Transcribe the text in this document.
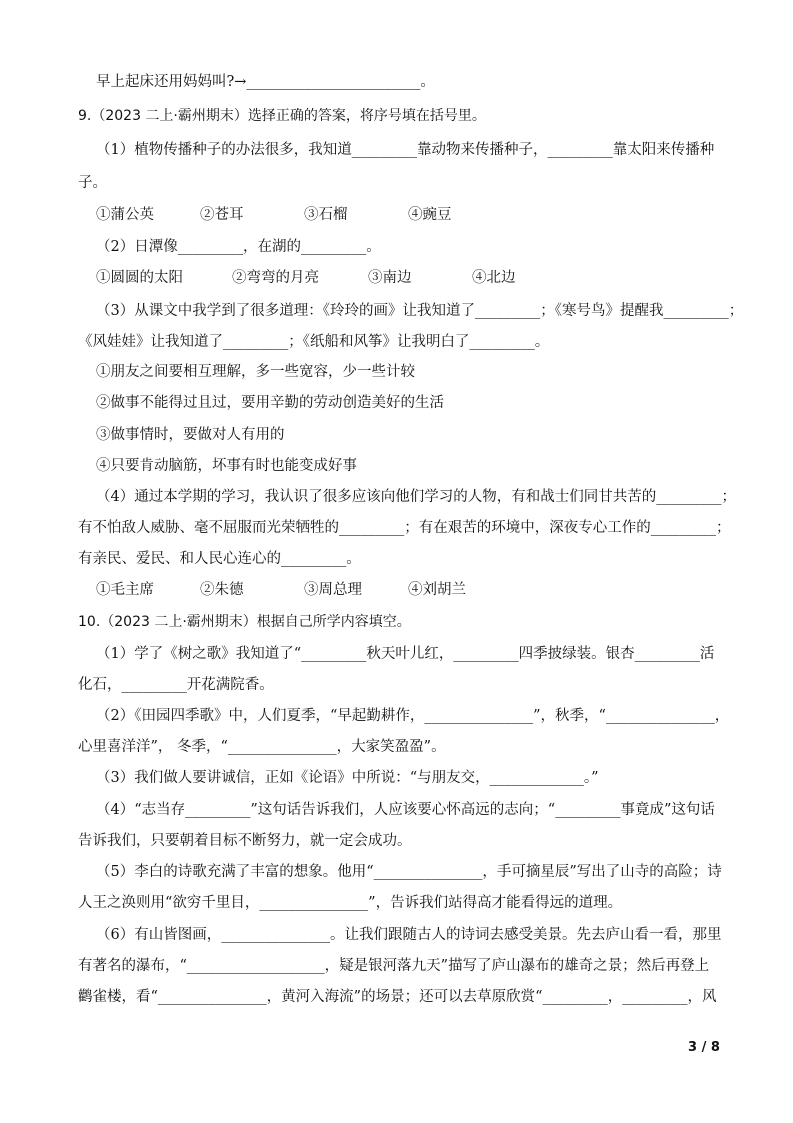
早上起床还用妈妈叫?→________________________。
9.（2023 二上·霸州期末）选择正确的答案，将序号填在括号里。
（1）植物传播种子的办法很多，我知道_________靠动物来传播种子，_________靠太阳来传播种
子。
①蒲公英	②苍耳	③石榴	④豌豆
（2）日潭像_________，在湖的_________。
①圆圆的太阳	②弯弯的月亮	③南边	④北边
（3）从课文中我学到了很多道理：《玲玲的画》让我知道了_________；《寒号鸟》提醒我_________；
《风娃娃》让我知道了_________；《纸船和风筝》让我明白了_________。
①朋友之间要相互理解，多一些宽容，少一些计较
②做事不能得过且过，要用辛勤的劳动创造美好的生活
③做事情时，要做对人有用的
④只要肯动脑筋，坏事有时也能变成好事
（4）通过本学期的学习，我认识了很多应该向他们学习的人物，有和战士们同甘共苦的_________；
有不怕敌人威胁、毫不屈服而光荣牺牲的_________；有在艰苦的环境中，深夜专心工作的_________；
有亲民、爱民、和人民心连心的_________。
①毛主席	②朱德	③周总理	④刘胡兰
10.（2023 二上·霸州期末）根据自己所学内容填空。
（1）学了《树之歌》我知道了“_________秋天叶儿红，_________四季披绿装。银杏_________活
化石，_________开花满院香。
（2）《田园四季歌》中，人们夏季，“早起勤耕作，_______________”，秋季，“_______________，
心里喜洋洋”， 冬季，“_______________，大家笑盈盈”。
（3）我们做人要讲诚信，正如《论语》中所说：“与朋友交，_____________。”
（4）“志当存_________”这句话告诉我们，人应该要心怀高远的志向；“_________事竟成”这句话
告诉我们，只要朝着目标不断努力，就一定会成功。
（5）李白的诗歌充满了丰富的想象。他用“_______________，手可摘星辰”写出了山寺的高险；诗
人王之涣则用“欲穷千里目，_______________”，告诉我们站得高才能看得远的道理。
（6）有山皆图画，_______________。让我们跟随古人的诗词去感受美景。先去庐山看一看，那里
有著名的瀑布，“___________________，疑是银河落九天”描写了庐山瀑布的雄奇之景；然后再登上
鹳雀楼，看“_______________，黄河入海流”的场景；还可以去草原欣赏“_________，_________，风
3 / 8
